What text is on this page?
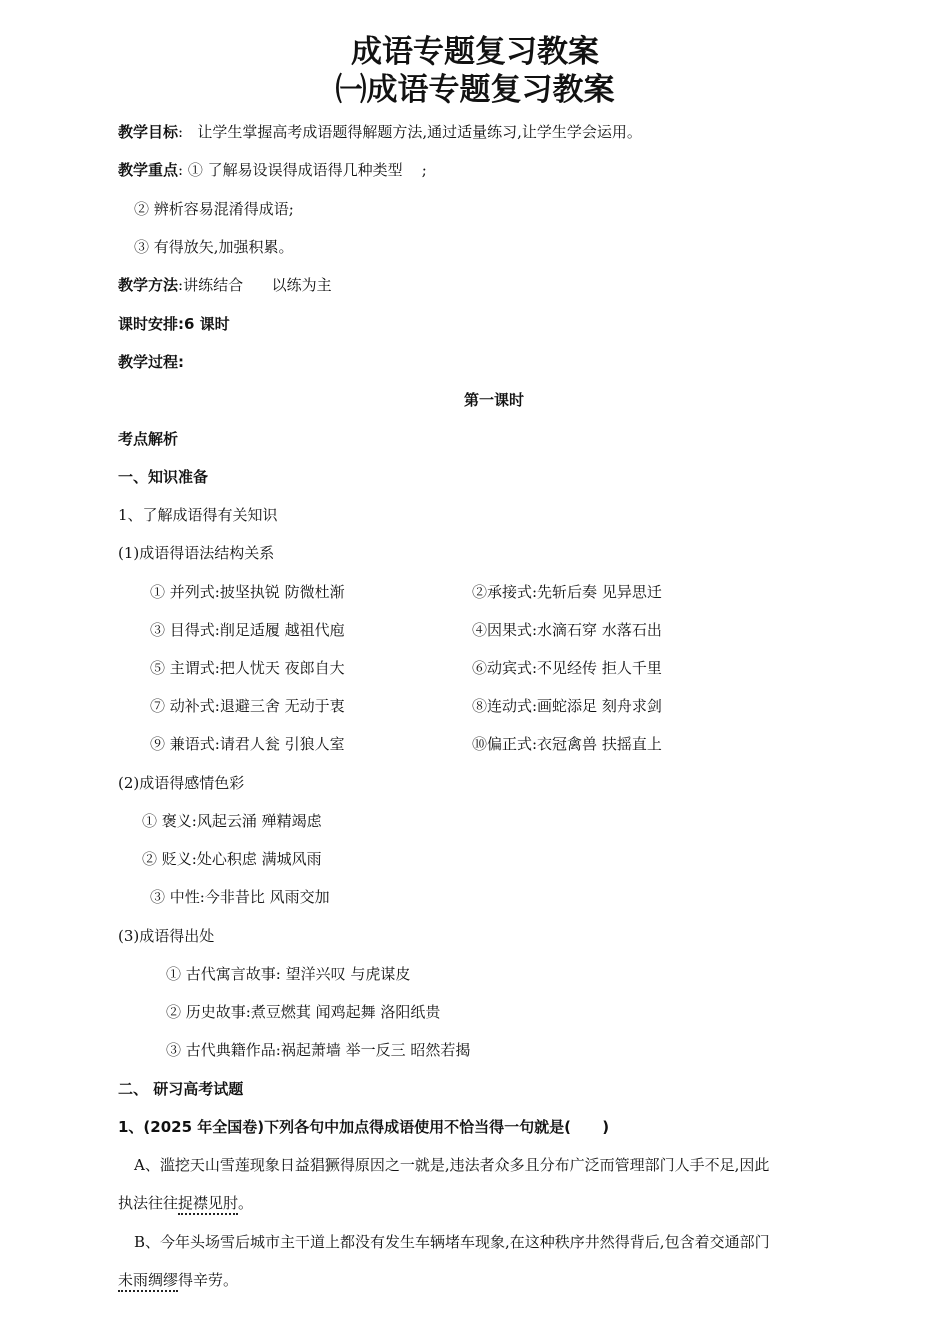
成语专题复习教案
㈠成语专题复习教案

教学目标: 让学生掌握高考成语题得解题方法,通过适量练习,让学生学会运用。

教学重点: ① 了解易设误得成语得几种类型    ;

② 辨析容易混淆得成语;

③ 有得放矢,加强积累。

教学方法:讲练结合      以练为主

课时安排:6 课时

教学过程:

第一课时

考点解析

一、知识准备

1、了解成语得有关知识

(1)成语得语法结构关系

① 并列式:披坚执锐 防微杜渐	②承接式:先斩后奏 见异思迁

③ 目得式:削足适履 越祖代庖	④因果式:水滴石穿 水落石出

⑤ 主谓式:把人忧天 夜郎自大	⑥动宾式:不见经传 拒人千里

⑦ 动补式:退避三舍 无动于衷	⑧连动式:画蛇添足 刻舟求剑

⑨ 兼语式:请君人瓮 引狼人室	⑩偏正式:衣冠禽兽 扶摇直上

(2)成语得感情色彩

① 褒义:风起云涌 殚精竭虑

② 贬义:处心积虑 满城风雨

③ 中性:今非昔比 风雨交加

(3)成语得出处

① 古代寓言故事: 望洋兴叹 与虎谋皮

② 历史故事:煮豆燃萁 闻鸡起舞 洛阳纸贵

③ 古代典籍作品:祸起萧墙 举一反三 昭然若揭

二、 研习高考试题

1、(2025 年全国卷)下列各句中加点得成语使用不恰当得一句就是(      )

A、滥挖天山雪莲现象日益猖獗得原因之一就是,违法者众多且分布广泛而管理部门人手不足,因此

执法往往捉襟见肘。

B、今年头场雪后城市主干道上都没有发生车辆堵车现象,在这种秩序井然得背后,包含着交通部门

未雨绸缪得辛劳。
